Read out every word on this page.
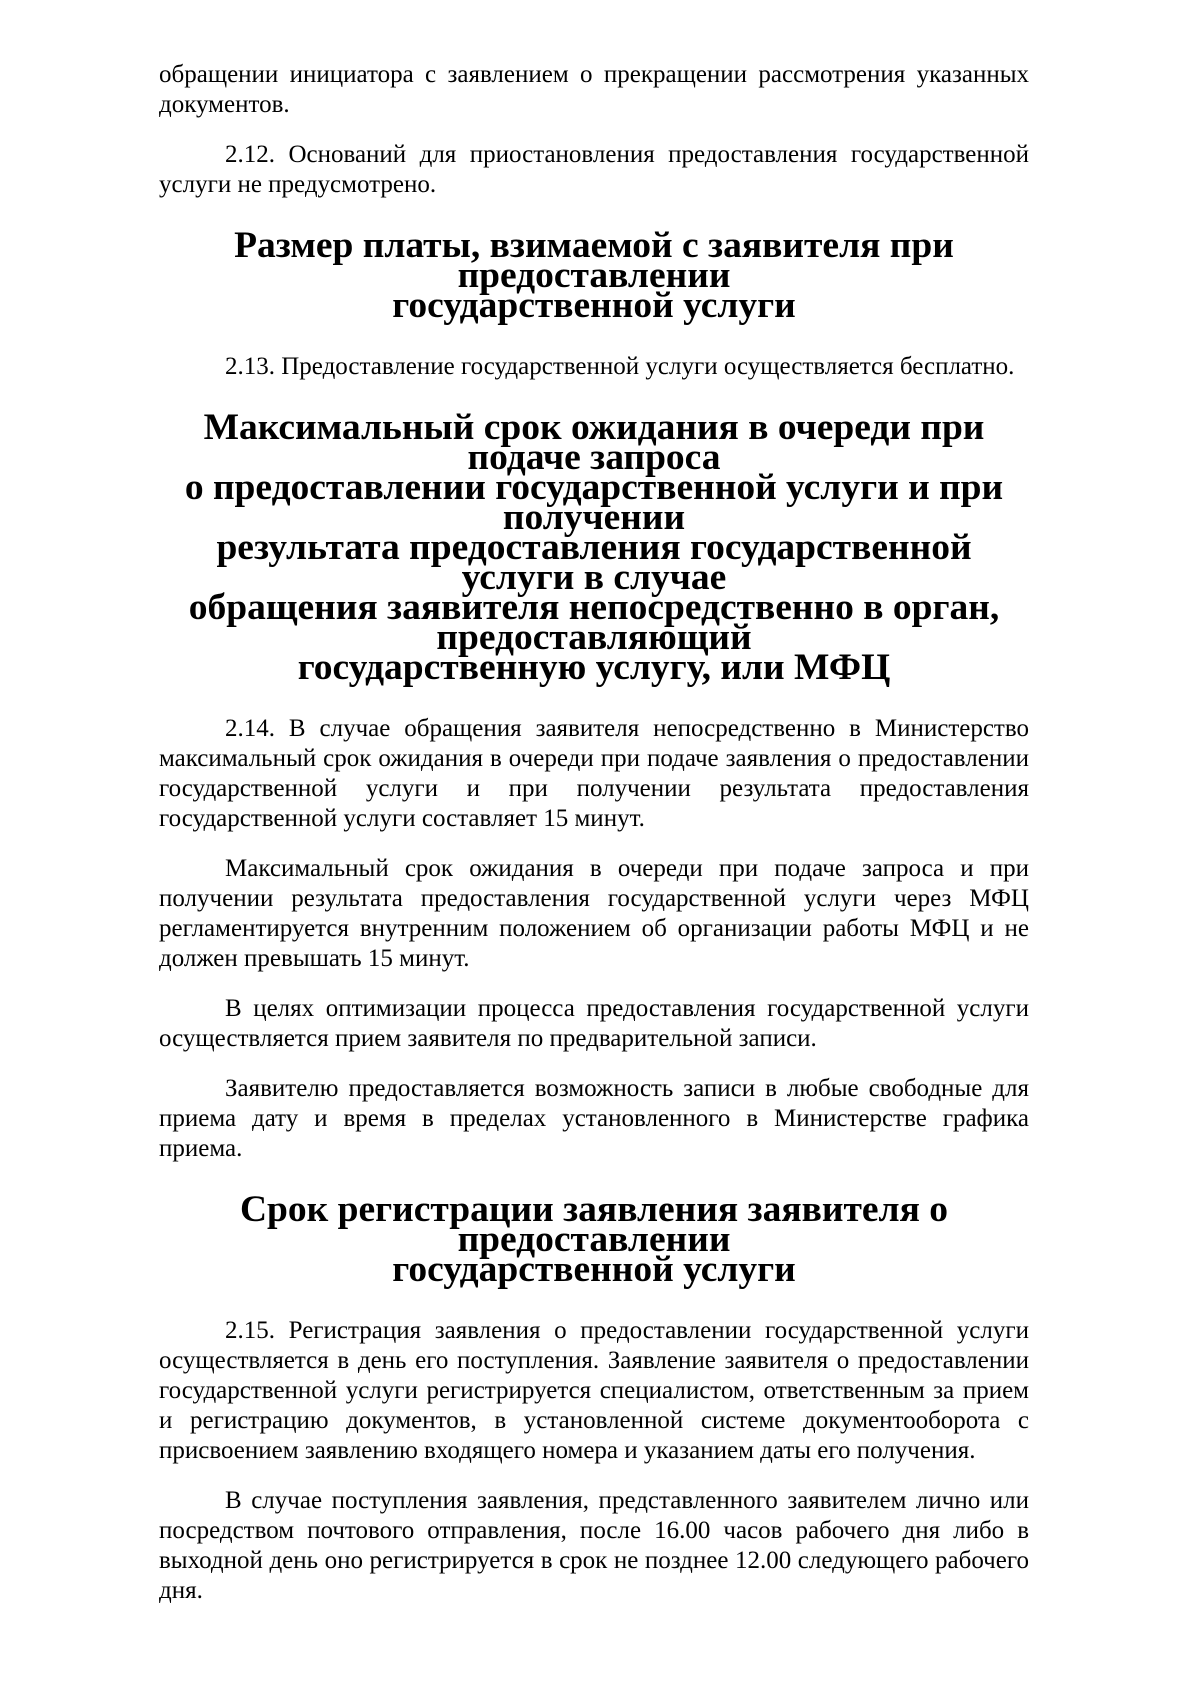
обращении инициатора с заявлением о прекращении рассмотрения указанных документов.

2.12. Оснований для приостановления предоставления государственной услуги не предусмотрено.

Размер платы, взимаемой с заявителя при предоставлении
государственной услуги

2.13. Предоставление государственной услуги осуществляется бесплатно.

Максимальный срок ожидания в очереди при подаче запроса
о предоставлении государственной услуги и при получении
результата предоставления государственной услуги в случае
обращения заявителя непосредственно в орган, предоставляющий
государственную услугу, или МФЦ

2.14. В случае обращения заявителя непосредственно в Министерство максимальный срок ожидания в очереди при подаче заявления о предоставлении государственной услуги и при получении результата предоставления государственной услуги составляет 15 минут.

Максимальный срок ожидания в очереди при подаче запроса и при получении результата предоставления государственной услуги через МФЦ регламентируется внутренним положением об организации работы МФЦ и не должен превышать 15 минут.

В целях оптимизации процесса предоставления государственной услуги осуществляется прием заявителя по предварительной записи.

Заявителю предоставляется возможность записи в любые свободные для приема дату и время в пределах установленного в Министерстве графика приема.

Срок регистрации заявления заявителя о предоставлении
государственной услуги

2.15. Регистрация заявления о предоставлении государственной услуги осуществляется в день его поступления. Заявление заявителя о предоставлении государственной услуги регистрируется специалистом, ответственным за прием и регистрацию документов, в установленной системе документооборота с присвоением заявлению входящего номера и указанием даты его получения.

В случае поступления заявления, представленного заявителем лично или посредством почтового отправления, после 16.00 часов рабочего дня либо в выходной день оно регистрируется в срок не позднее 12.00 следующего рабочего дня.
